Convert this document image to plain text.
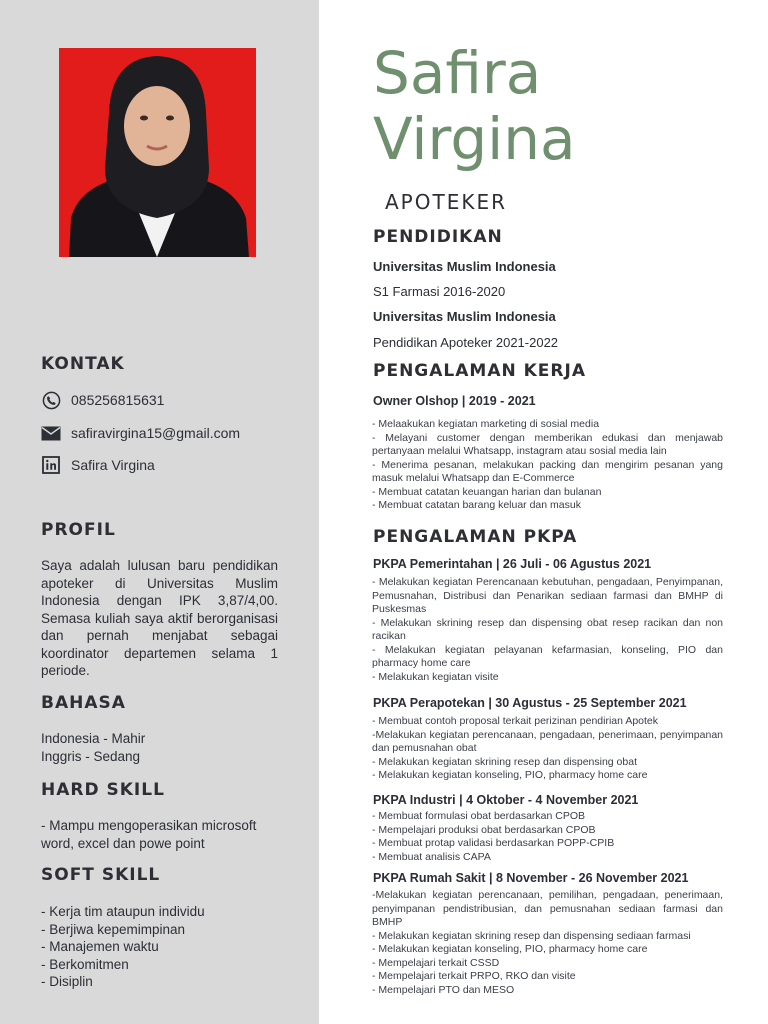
KONTAK
085256815631
safiravirgina15@gmail.com
Safira Virgina
PROFIL
Saya adalah lulusan baru pendidikan apoteker di Universitas Muslim Indonesia dengan IPK 3,87/4,00. Semasa kuliah saya aktif berorganisasi dan pernah menjabat sebagai koordinator departemen selama 1 periode.
BAHASA
Indonesia - Mahir
Inggris - Sedang
HARD SKILL
- Mampu mengoperasikan microsoft word, excel dan powe point
SOFT SKILL
- Kerja tim ataupun individu
- Berjiwa kepemimpinan
- Manajemen waktu
- Berkomitmen
- Disiplin
Safira
Virgina
APOTEKER
PENDIDIKAN
Universitas Muslim Indonesia
S1 Farmasi 2016-2020
Universitas Muslim Indonesia
Pendidikan Apoteker 2021-2022
PENGALAMAN KERJA
Owner Olshop | 2019 - 2021
- Melaakukan kegiatan marketing di sosial media
- Melayani customer dengan memberikan edukasi dan menjawab pertanyaan melalui Whatsapp, instagram atau sosial media lain
- Menerima pesanan, melakukan packing dan mengirim pesanan yang masuk melalui Whatsapp dan E-Commerce
- Membuat catatan keuangan harian dan bulanan
- Membuat catatan barang keluar dan masuk
PENGALAMAN PKPA
PKPA Pemerintahan | 26 Juli - 06 Agustus 2021
- Melakukan kegiatan Perencanaan kebutuhan, pengadaan, Penyimpanan, Pemusnahan, Distribusi dan Penarikan sediaan farmasi dan BMHP di Puskesmas
- Melakukan skrining resep dan dispensing obat resep racikan dan non racikan
- Melakukan kegiatan pelayanan kefarmasian, konseling, PIO dan pharmacy home care
- Melakukan kegiatan visite
PKPA Perapotekan | 30 Agustus - 25 September 2021
- Membuat contoh proposal terkait perizinan pendirian Apotek
-Melakukan kegiatan perencanaan, pengadaan, penerimaan, penyimpanan dan pemusnahan obat
- Melakukan kegiatan skrining resep dan dispensing obat
- Melakukan kegiatan konseling, PIO, pharmacy home care
PKPA Industri | 4 Oktober - 4 November 2021
- Membuat formulasi obat berdasarkan CPOB
- Mempelajari produksi obat berdasarkan CPOB
- Membuat protap validasi berdasarkan POPP-CPIB
- Membuat analisis CAPA
PKPA Rumah Sakit | 8 November - 26 November 2021
-Melakukan kegiatan perencanaan, pemilihan, pengadaan, penerimaan, penyimpanan pendistribusian, dan pemusnahan sediaan farmasi dan BMHP
- Melakukan kegiatan skrining resep dan dispensing sediaan farmasi
- Melakukan kegiatan konseling, PIO, pharmacy home care
- Mempelajari terkait CSSD
- Mempelajari terkait PRPO, RKO dan visite
- Mempelajari PTO dan MESO
